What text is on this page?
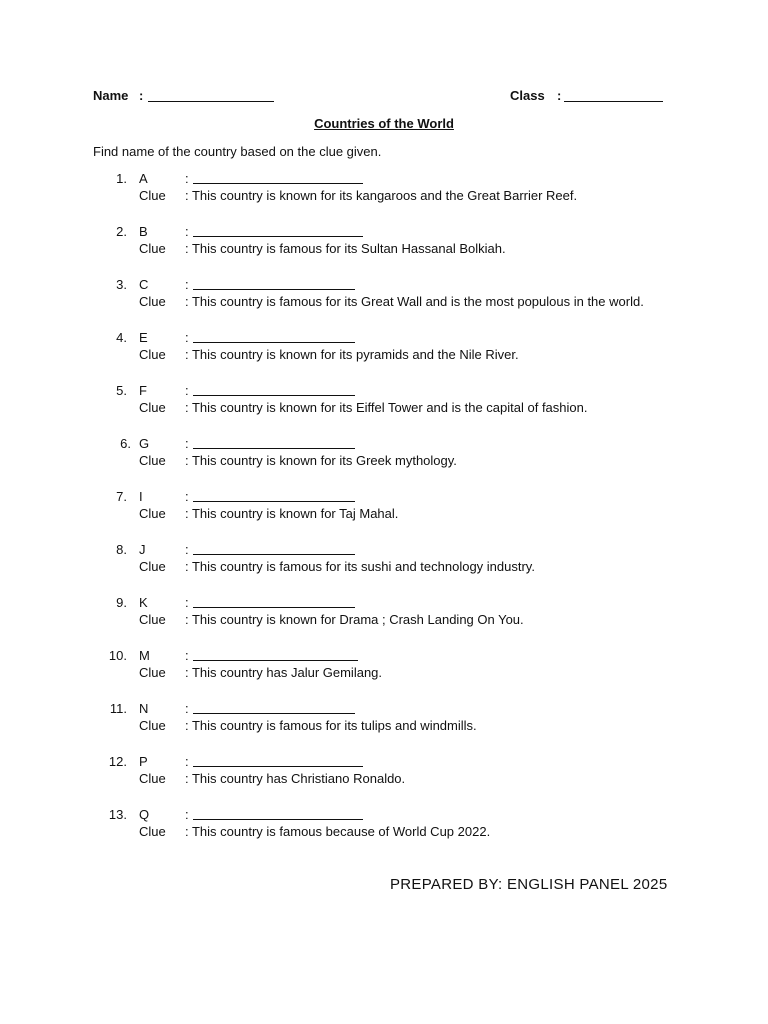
Name :	Class :
Countries of the World
Find name of the country based on the clue given.
1. A	:
Clue : This country is known for its kangaroos and the Great Barrier Reef.
2. B	:
Clue : This country is famous for its Sultan Hassanal Bolkiah.
3. C	:
Clue : This country is famous for its Great Wall and is the most populous in the world.
4. E	:
Clue : This country is known for its pyramids and the Nile River.
5. F	:
Clue : This country is known for its Eiffel Tower and is the capital of fashion.
6. G	:
Clue : This country is known for its Greek mythology.
7. I	:
Clue : This country is known for Taj Mahal.
8. J	:
Clue : This country is famous for its sushi and technology industry.
9. K	:
Clue : This country is known for Drama ; Crash Landing On You.
10. M	:
Clue : This country has Jalur Gemilang.
11. N	:
Clue : This country is famous for its tulips and windmills.
12. P	:
Clue : This country has Christiano Ronaldo.
13. Q	:
Clue : This country is famous because of World Cup 2022.
PREPARED BY: ENGLISH PANEL 2025
